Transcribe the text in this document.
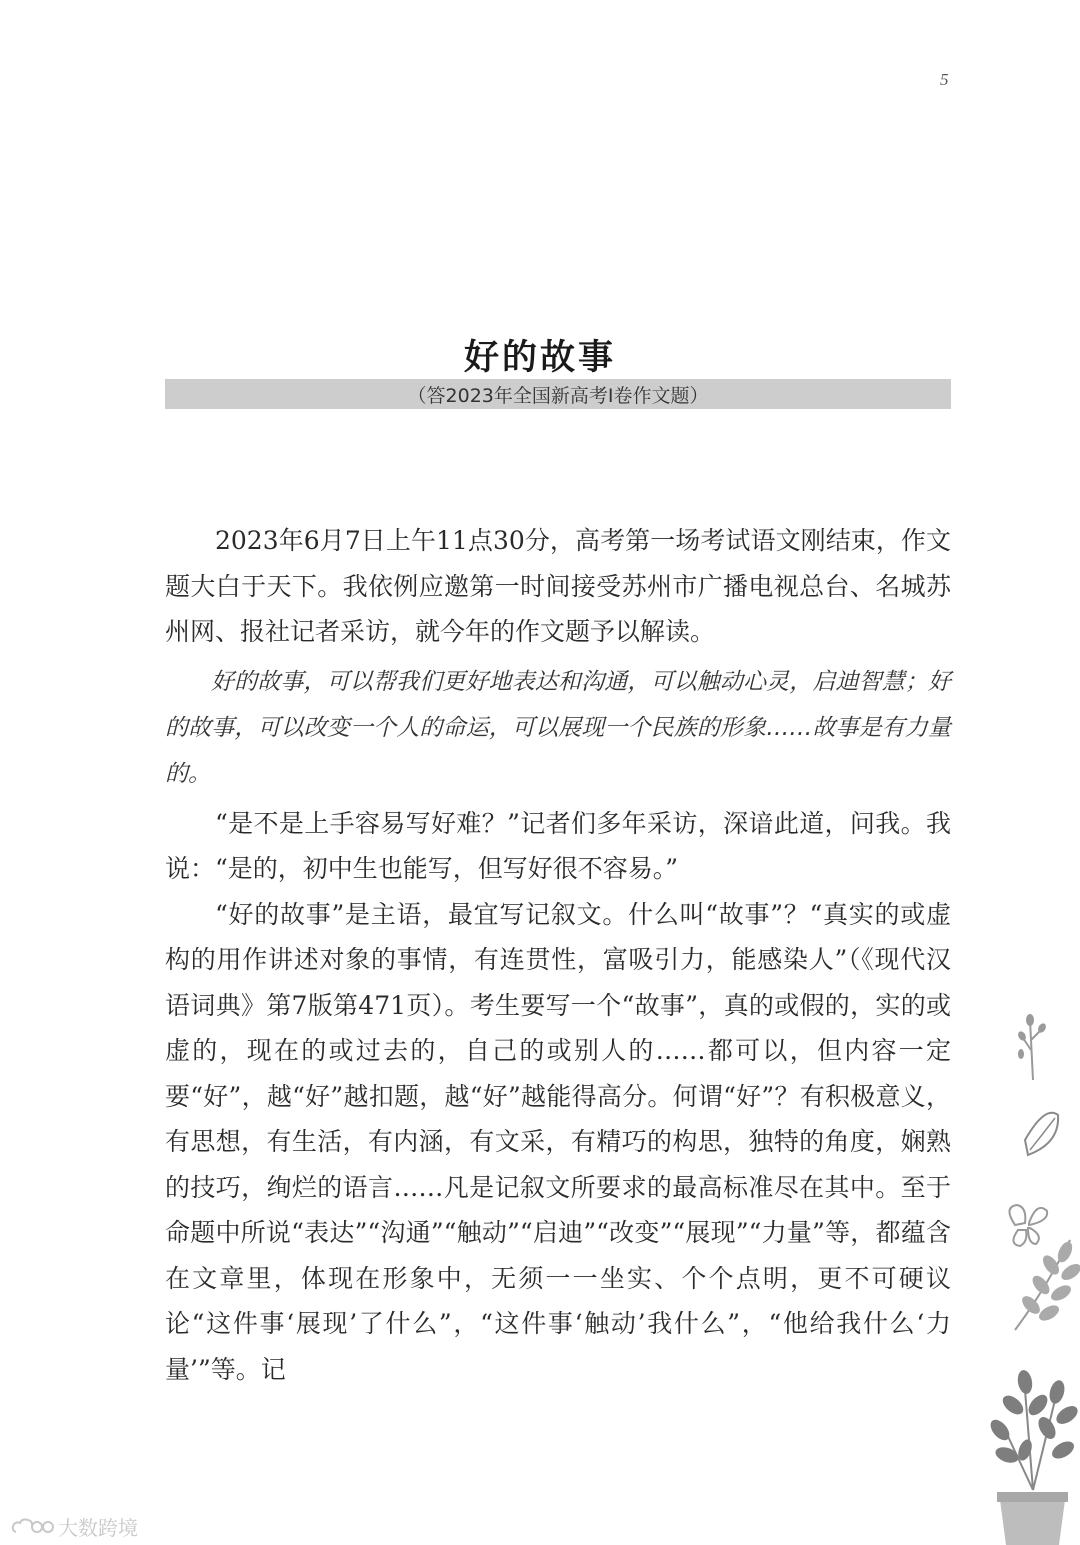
5
好的故事
（答2023年全国新高考Ⅰ卷作文题）

2023年6月7日上午11点30分，高考第一场考试语文刚结束，作文题大白于天下。我依例应邀第一时间接受苏州市广播电视总台、名城苏州网、报社记者采访，就今年的作文题予以解读。

好的故事，可以帮我们更好地表达和沟通，可以触动心灵，启迪智慧；好的故事，可以改变一个人的命运，可以展现一个民族的形象……故事是有力量的。

“是不是上手容易写好难？”记者们多年采访，深谙此道，问我。我说：“是的，初中生也能写，但写好很不容易。”

“好的故事”是主语，最宜写记叙文。什么叫“故事”？“真实的或虚构的用作讲述对象的事情，有连贯性，富吸引力，能感染人”（《现代汉语词典》第7版第471页）。考生要写一个“故事”，真的或假的，实的或虚的，现在的或过去的，自己的或别人的……都可以，但内容一定要“好”，越“好”越扣题，越“好”越能得高分。何谓“好”？有积极意义，有思想，有生活，有内涵，有文采，有精巧的构思，独特的角度，娴熟的技巧，绚烂的语言……凡是记叙文所要求的最高标准尽在其中。至于命题中所说“表达”“沟通”“触动”“启迪”“改变”“展现”“力量”等，都蕴含在文章里，体现在形象中，无须一一坐实、个个点明，更不可硬议论“这件事‘展现’了什么”，“这件事‘触动’我什么”，“他给我什么‘力量’”等。记

大数跨境
